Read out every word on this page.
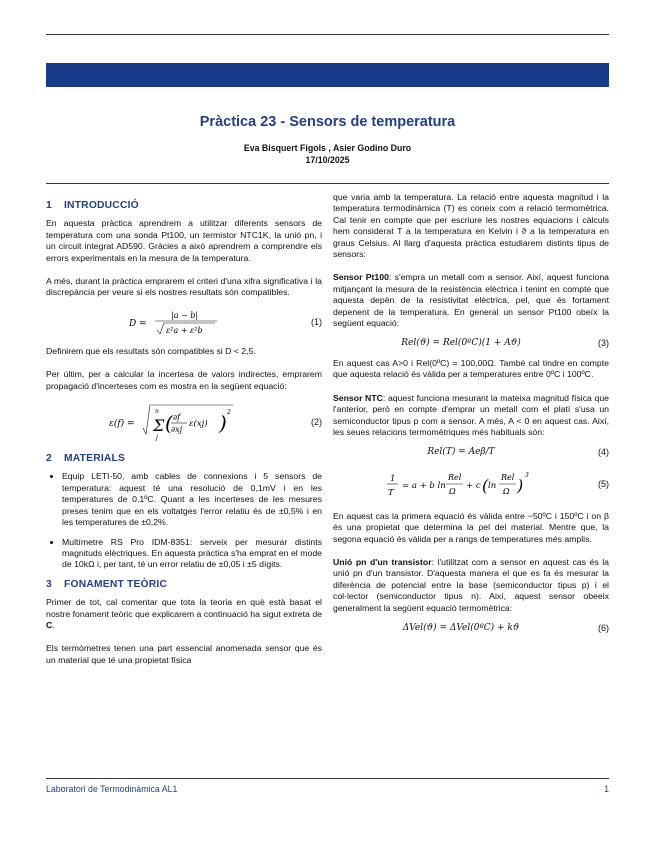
Pràctica 23 - Sensors de temperatura
Eva Bisquert Figols , Asier Godino Duro
17/10/2025
1 INTRODUCCIÓ

En aquesta pràctica aprendrem a utilitzar diferents sensors de temperatura com una sonda Pt100, un termistor NTC1K, la unió pn, i un circuit integrat AD590. Gràcies a això aprendrem a comprendre els errors experimentals en la mesura de la temperatura.

A més, durant la pràctica emprarem el criteri d'una xifra significativa i la discrepància per veure si els nostres resultats són compatibles.

D =
|a − b|
ε²a + ε²b
(1)

Definirem que els resultats són compatibles si D < 2,5.

Per últim, per a calcular la incertesa de valors indirectes, emprarem propagació d'incerteses com es mostra en la següent equació:

ε(f) = Σ
n
j
( ∂f
∂xj
ε(xj) ) 2
(2)
2 MATERIALS
• Equip LETI-50, amb cables de connexions i 5 sensors de temperatura: aquest té una resolució de 0,1mV i en les temperatures de 0,1ºC. Quant a les incerteses de les mesures preses tenim que en els voltatges l'error relatiu és de ±0,5% i en les temperatures de ±0,2%.
• Multímetre RS Pro IDM-8351: serveix per mesurar distints magnituds elèctriques. En aquesta pràctica s'ha emprat en el mode de 10kΩ i, per tant, té un error relatiu de ±0,05 i ±5 dígits.
3 FONAMENT TEÒRIC

Primer de tot, cal comentar que tota la teoria en què està basat el nostre fonament teòric que explicarem a continuació ha sigut extreta de C.

Els termòmetres tenen una part essencial anomenada sensor que és un material que té una propietat física

que varia amb la temperatura. La relació entre aquesta magnitud i la temperatura termodinàmica (T) es coneix com a relació termomètrica. Cal tenir en compte que per escriure les nostres equacions i càlculs hem considerat T a la temperatura en Kelvin i ϑ a la temperatura en graus Celsius. Al llarg d'aquesta pràctica estudiarem distints tipus de sensors:

Sensor Pt100: s'empra un metall com a sensor. Així, aquest funciona mitjançant la mesura de la resistència elèctrica i tenint en compte que aquesta depèn de la resistivitat elèctrica, ρel, que és fortament depenent de la temperatura. En general un sensor Pt100 obeïx la següent equació:

Rel(ϑ) = Rel(0ºC)(1 + Aϑ)	(3)

En aquest cas A>0 i Rel(0ºC) = 100,00Ω. També cal tindre en compte que aquesta relació és vàlida per a temperatures entre 0ºC i 100ºC.

Sensor NTC: aquest funciona mesurant la mateixa magnitud física que l'anterior, però en compte d'emprar un metall com el platí s'usa un semiconductor tipus p com a sensor. A més, A < 0 en aquest cas. Així, les seues relacions termomètriques més habituals són:

Rel(T) = Aeβ/T	(4)
1
T
= a + b ln
Rel
Ω
+ c ( ln
Rel
Ω )
3
(5)

En aquest cas la primera equació és vàlida entre −50ºC i 150ºC i on β és una propietat que determina la ρel del material. Mentre que, la segona equació és vàlida per a rangs de temperatures més amplis.

Unió pn d'un transistor: l'utilitzat com a sensor en aquest cas és la unió pn d'un transistor. D'aquesta manera el que es fa és mesurar la diferència de potencial entre la base (semiconductor tipus p) i el col·lector (semiconductor tipus n). Així, aquest sensor obeeix generalment la següent equació termomètrica:

ΔVel(ϑ) = ΔVel(0ºC) + kϑ	(6)
Laboratori de Termodinàmica AL1	1
